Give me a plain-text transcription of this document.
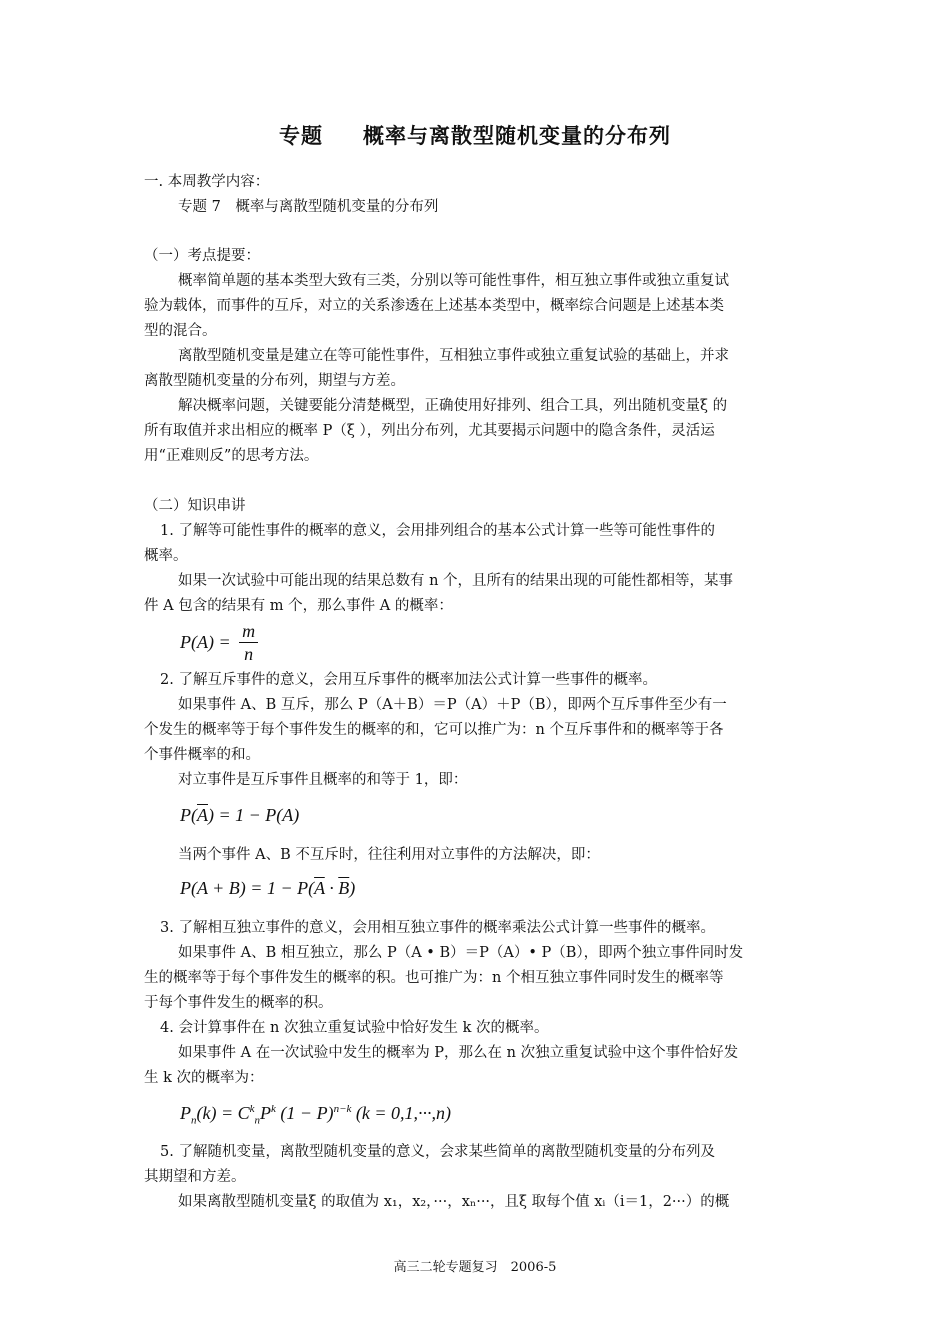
专题 概率与离散型随机变量的分布列
一. 本周教学内容：
专题 7　概率与离散型随机变量的分布列
（一）考点提要：
概率简单题的基本类型大致有三类，分别以等可能性事件，相互独立事件或独立重复试
验为载体，而事件的互斥，对立的关系渗透在上述基本类型中，概率综合问题是上述基本类
型的混合。
离散型随机变量是建立在等可能性事件，互相独立事件或独立重复试验的基础上，并求
离散型随机变量的分布列，期望与方差。
解决概率问题，关键要能分清楚概型，正确使用好排列、组合工具，列出随机变量ξ 的
所有取值并求出相应的概率 P（ξ ），列出分布列，尤其要揭示问题中的隐含条件，灵活运
用“正难则反”的思考方法。
（二）知识串讲
1. 了解等可能性事件的概率的意义，会用排列组合的基本公式计算一些等可能性事件的
概率。
如果一次试验中可能出现的结果总数有 n 个，且所有的结果出现的可能性都相等，某事
件 A 包含的结果有 m 个，那么事件 A 的概率：
$P(A) = \frac{m}{n}$
2. 了解互斥事件的意义，会用互斥事件的概率加法公式计算一些事件的概率。
如果事件 A、B 互斥，那么 P（A＋B）＝P（A）＋P（B），即两个互斥事件至少有一
个发生的概率等于每个事件发生的概率的和，它可以推广为：n 个互斥事件和的概率等于各
个事件概率的和。
对立事件是互斥事件且概率的和等于 1，即：
$P(\overline{A}) = 1 - P(A)$
当两个事件 A、B 不互斥时，往往利用对立事件的方法解决，即：
$P(A + B) = 1 - P(\overline{A} \cdot \overline{B})$
3. 了解相互独立事件的意义，会用相互独立事件的概率乘法公式计算一些事件的概率。
如果事件 A、B 相互独立，那么 P（A • B）＝P（A）• P（B），即两个独立事件同时发
生的概率等于每个事件发生的概率的积。也可推广为：n 个相互独立事件同时发生的概率等
于每个事件发生的概率的积。
4. 会计算事件在 n 次独立重复试验中恰好发生 k 次的概率。
如果事件 A 在一次试验中发生的概率为 P，那么在 n 次独立重复试验中这个事件恰好发
生 k 次的概率为：
$P_n(k) = C^k_nP^k$ $(1 - P)^{n-k}$ (k = 0,1,···,n)
5. 了解随机变量，离散型随机变量的意义，会求某些简单的离散型随机变量的分布列及
其期望和方差。
如果离散型随机变量ξ 的取值为 x₁，x₂，···，xₙ···，且ξ 取每个值 xᵢ（i＝1，2···）的概
高三二轮专题复习　2006-5
